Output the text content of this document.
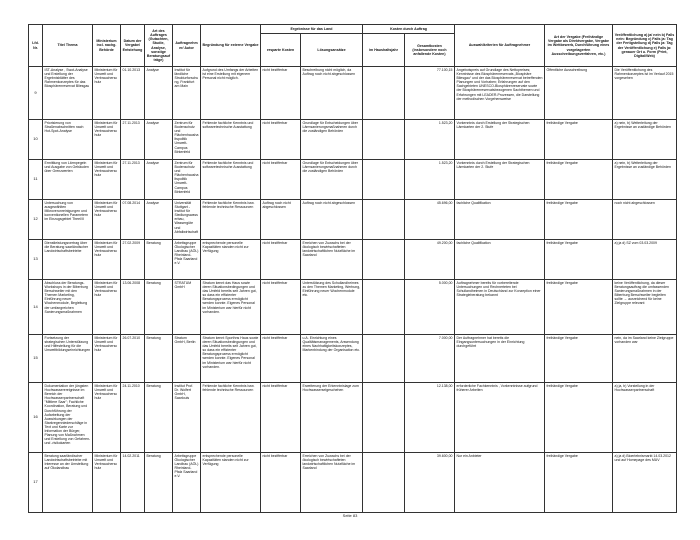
Lfd. Nr.	Titel Thema	Ministerium incl. nachg. Behörde	Datum der Vergabe/ Entstehung	Art des Auftrages (Gutachten, Studie, Analyse, sonstige Beratungsaufträge)	Auftragnehmer/ Autor	Begründung für externe Vergabe	Ergebnisse für das Land		Kosten durch Auftrag		Auswahlkriterien für Auftragnehmer	Art der Vergabe (Freihändige Vergabe als Direktvergabe, Vergabe im Wettbewerb, Durchführung eines vorgelagerten Ausschreibungsverfahren, etc.)	Veröffentlichung a) ja/ nein b) Falls nein: Begründung c) Falls ja: Tag der Fertigstellung d) Falls ja: Tag der Veröffentlichung e) Falls ja: genauer Ort u. Form (Print, Digital/Web)
							ersparte Kosten	Lösungsansätze	im Haushaltsjahr	Gesamtkosten (insbesondere noch anfallende Kosten)			
9	IST-Analyse , Swot-Analyse und Erstellung der Ergebnisblätter des Rahmenkonzeptes für das Biosphärenreservat Bliesgau	Ministerium für Umwelt und Verbraucherschutz	01.10.2013	Analyse	Institut für ländliche Strukturforschung, Frankfurt am Main	Aufgrund des Umfangs der Arbeiten ist eine Erstellung mit eigenem Personal nicht möglich.	nicht bezifferbar	Beschreibung nicht möglich, da Auftrag noch nicht abgeschlossen		77.100,15	Angebotspreis auf Grundlage des Nettopreises; Kenntnisse des Biosphärenreservats „Biosphäre Bliesgau“ und der das Biosphärenreservat betreffenden Planungen und Vorhaben; Erfahrungen auf den Sachgebieten UNESCO-Biosphärenreservate sowie der Biosphärenreservatsbezogenen Sachthemen und Erfahrungen mit LEADER-Prozessen, die Darstellung der methodischen Vorgehensweise	Öffentliche Ausschreibung	Die Veröffentlichung des Rahmenkonzeptes ist im Verlauf 2015 vorgesehen
10	Priorisierung von Straßenabschnitten nach Hot-Spot-Analyse	Ministerium für Umwelt und Verbraucherschutz	27.11.2013	Analyse	Zentrum für Bodenschutz und Flächenhaushaltspolitik Umwelt-Campus Birkenfeld	Fehlende fachliche Kenntnis und softwaretechnische Ausstattung	nicht bezifferbar	Grundlage für Entscheidungen über Lärmsanierungsmaßnahmen durch die zuständigen Behörden		1.523,20	Vorkenntnis durch Erstellung der Strategischen Lärmkarten der 2. Stufe	freihändige Vergabe	a) nein, b) Weiterleitung der Ergebnisse an zuständige Behörden
11	Ermittlung von Lärmpegeln und Ausgabe von Gebäuden über Grenzwerten	Ministerium für Umwelt und Verbraucherschutz	27.11.2013	Analyse	Zentrum für Bodenschutz und Flächenhaushaltspolitik Umwelt-Campus Birkenfeld	Fehlende fachliche Kenntnis und softwaretechnische Ausstattung	nicht bezifferbar	Grundlage für Entscheidungen über Lärmsanierungsmaßnahmen durch die zuständigen Behörden		1.523,20	Vorkenntnis durch Erstellung der Strategischen Lärmkarten der 2. Stufe	freihändige Vergabe	a) nein, b) Weiterleitung der Ergebnisse an zuständige Behörden
12	Untersuchung von ausgewählten Mikroverunreinigungen und konventionellen Parametern im Einzugsgebiet Theel/II	Ministerium für Umwelt und Verbraucherschutz	07.08.2014	Analyse	Universität Stuttgart - Institut für Siedlungswasserbau, Wassergüte und Abfallwirtschaft	Fehlende fachliche Kenntnis bzw. fehlende technische Ressourcen	Auftrag noch nicht abgeschlossen	Auftrag noch nicht abgeschlossen		45.696,00	fachliche Qualifikation	freihändige Vergabe	noch nicht abgeschlossen
13	Dienstleistungsvertrag über die Beratung saarländischer Landwirtschaftsbetriebe	Ministerium für Umwelt und Verbraucherschutz	27.02.2009	Beratung	Arbeitsgruppe Ökologischer Landbau (AÖL) Rheinland-Pfalz Saarland e.V.	entsprechende personelle Kapazitäten standen nicht zur Verfügung	nicht bezifferbar	Erreichen von Zuwachs bei der ökologisch bewirtschafteten landwirtschaftlichen Nutzfläche im Saarland		49.200,00	fachliche Qualifikation	freihändige Vergabe	a) ja d) SZ vom 03.03.2009
14	Abschluss der Beratungs-Workshops in der Biberburg Berschweiler mit den Themen Marketing, Einführung neuer Wochenmodule, Begleitung der umfangreichen Sanierungsmaßnahmen	Ministerium für Umwelt und Verbraucherschutz	13.06.2008	Beratung	STRATUM GmbH	Stratum kennt das Haus sowie deren Situationsbedingungen und das Umfeld bereits seit Jahren gut, so dass ein effizienter Beratungsprozess ermöglicht werden konnte. Eigenes Personal im Ministerium war hierfür nicht vorhanden.	nicht bezifferbar	Unterstützung des Schullandheimes zu den Themen Marketing, Werbung, Einführung neuer Wochenmodule etc.		5.000,00	Auftragnehmer bereits für vorbereitende Untersuchungen und Rechnerteten bei Schullandheimen in Deutschland zur Konzeption einer Strategieberatung bekannt	freihändige Vergabe	keine Veröffentlichung, da dieser Beratungsauftrag die umfassenden Sanierungsmaßnahmen in der Biberburg Berschweiler begleiten sollte → ausreichend für keine Zielgruppe relevant
15	Fortsetzung der strategischen Unterstützung und Hilfestellung für die Umweltbildungseinrichtungen	Ministerium für Umwelt und Verbraucherschutz	26.07.2010	Beratung	Stratum GmbH, Berlin	Stratum kennt Sporthns Haus sowie deren Situationsbedingungen und das Umfeld bereits seit Jahren gut, so dass ein effizienter Beratungsprozess ermöglicht werden konnte. Eigenes Personal im Ministerium war hierfür nicht vorhanden.	nicht bezifferbar	u.A. Einrichtung eines Qualitätsmanagements, Anwendung eines Nachhaltigkeitskonzeptes, Markenbindung der Organisation etc.		7.000,00	Der Auftragnehmer hat bereits die Eingangsuntersuchungen in der Einrichtung durchgeführt	freihändige Vergabe	nein, da im Saarland keine Zielgruppe vorhanden war
16	Dokumentation der jüngsten Hochwasserereignisse im Bereich der Hochwasserpartnerschaft "Mittlere Saar"; Fachliche Koordination, Beratung und Durchführung der Aufarbeitung der Auswirkungen der Starkregenniederschläge in Text und Karte zur Information der Bürger, Planung von Maßnahmen und Erstellung von Gefahren- und -risikokarten	Ministerium für Umwelt und Verbraucherschutz	24.11.2010	Beratung	Institut Prof. Dr. Wolfert GmbH, Saarlouis	Fehlende fachliche Kenntnis bzw. fehlende technische Ressourcen	nicht bezifferbar	Erweiterung der Erkenntnislage zum Hochwasserselgeschehen		12.138,00	erforderliche Fachkenntnis , Vorkenntnisse aufgrund früherer Arbeiten	freihändige Vergabe	a) ja, b) Vorstellung in der Hochwasserpartnerschaft
17	Beratung saarländischer Landwirtschaftsbetriebe mit Interesse an der Umstellung auf Ökolandbau	Ministerium für Umwelt und Verbraucherschutz	14.02.2011	Beratung	Arbeitsgruppe Ökologischer Landbau (AÖL) Rheinland-Pfalz Saarland e.V.	entsprechende personelle Kapazitäten standen nicht zur Verfügung	nicht bezifferbar	Erreichen von Zuwachs bei der ökologisch bewirtschafteten landwirtschaftlichen Nutzfläche im Saarland		39.600,00	Nur ein Anbieter	freihändige Vergabe	a) ja d) Bioerlebnismarkt 14.03.2012 und auf Homepage des MUV
Seite 83
